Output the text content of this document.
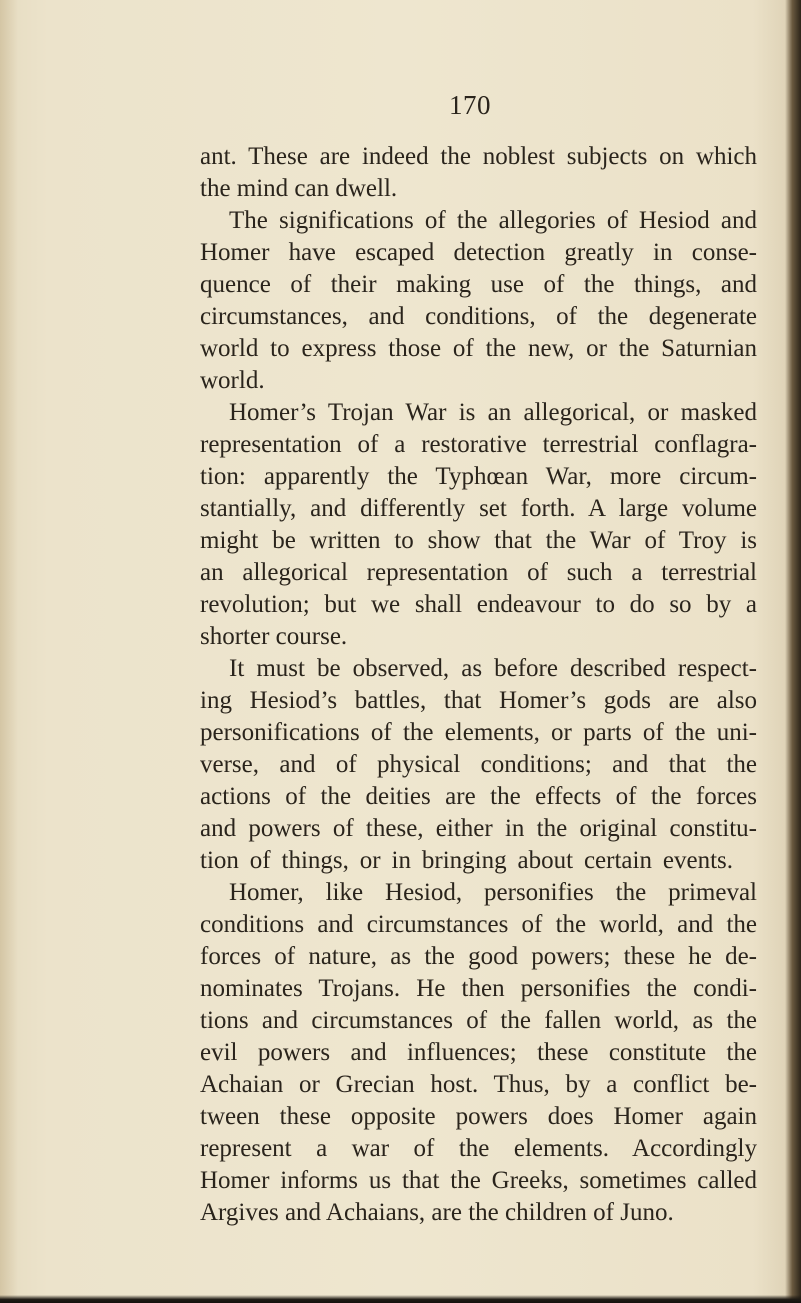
170
ant. These are indeed the noblest subjects on which
the mind can dwell.
The significations of the allegories of Hesiod and
Homer have escaped detection greatly in conse-
quence of their making use of the things, and
circumstances, and conditions, of the degenerate
world to express those of the new, or the Saturnian
world.
Homer’s Trojan War is an allegorical, or masked
representation of a restorative terrestrial conflagra-
tion: apparently the Typhœan War, more circum-
stantially, and differently set forth. A large volume
might be written to show that the War of Troy is
an allegorical representation of such a terrestrial
revolution; but we shall endeavour to do so by a
shorter course.
It must be observed, as before described respect-
ing Hesiod’s battles, that Homer’s gods are also
personifications of the elements, or parts of the uni-
verse, and of physical conditions; and that the
actions of the deities are the effects of the forces
and powers of these, either in the original constitu-
tion of things, or in bringing about certain events.
Homer, like Hesiod, personifies the primeval
conditions and circumstances of the world, and the
forces of nature, as the good powers; these he de-
nominates Trojans. He then personifies the condi-
tions and circumstances of the fallen world, as the
evil powers and influences; these constitute the
Achaian or Grecian host. Thus, by a conflict be-
tween these opposite powers does Homer again
represent a war of the elements. Accordingly
Homer informs us that the Greeks, sometimes called
Argives and Achaians, are the children of Juno.
